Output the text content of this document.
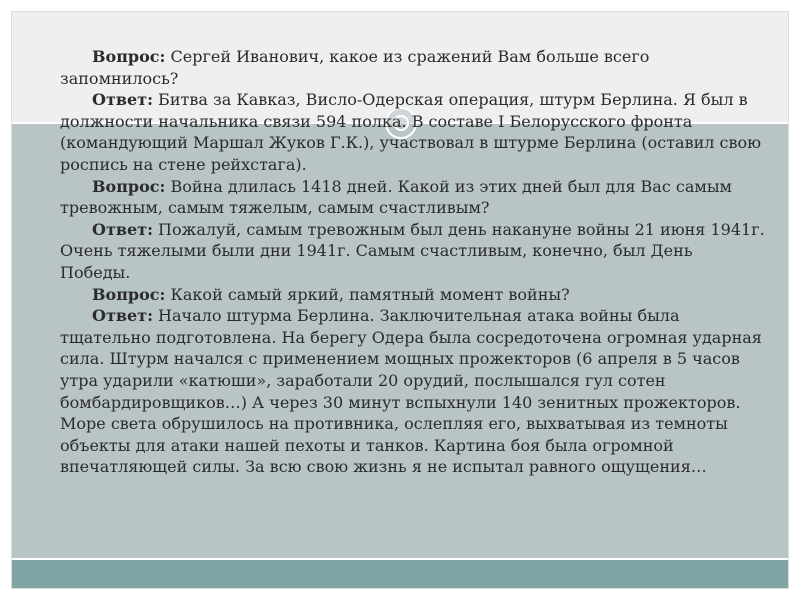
Вопрос: Сергей Иванович, какое из сражений Вам больше всего запомнилось?

Ответ: Битва за Кавказ, Висло-Одерская операция, штурм Берлина. Я был в должности начальника связи 594 полка. В составе I Белорусского фронта (командующий Маршал Жуков Г.К.), участвовал в штурме Берлина (оставил свою роспись на стене рейхстага).

Вопрос: Война длилась 1418 дней. Какой из этих дней был для Вас самым тревожным, самым тяжелым, самым счастливым?

Ответ: Пожалуй, самым тревожным был день накануне войны 21 июня 1941г. Очень тяжелыми были дни 1941г. Самым счастливым, конечно, был День Победы.

Вопрос: Какой самый яркий, памятный момент войны?

Ответ: Начало штурма Берлина. Заключительная атака войны была тщательно подготовлена. На берегу Одера была сосредоточена огромная ударная сила. Штурм начался с применением мощных прожекторов (6 апреля в 5 часов утра ударили «катюши», заработали 20 орудий, послышался гул сотен бомбардировщиков…) А через 30 минут вспыхнули 140 зенитных прожекторов. Море света обрушилось на противника, ослепляя его, выхватывая из темноты объекты для атаки нашей пехоты и танков. Картина боя была огромной впечатляющей силы. За всю свою жизнь я не испытал равного ощущения…
